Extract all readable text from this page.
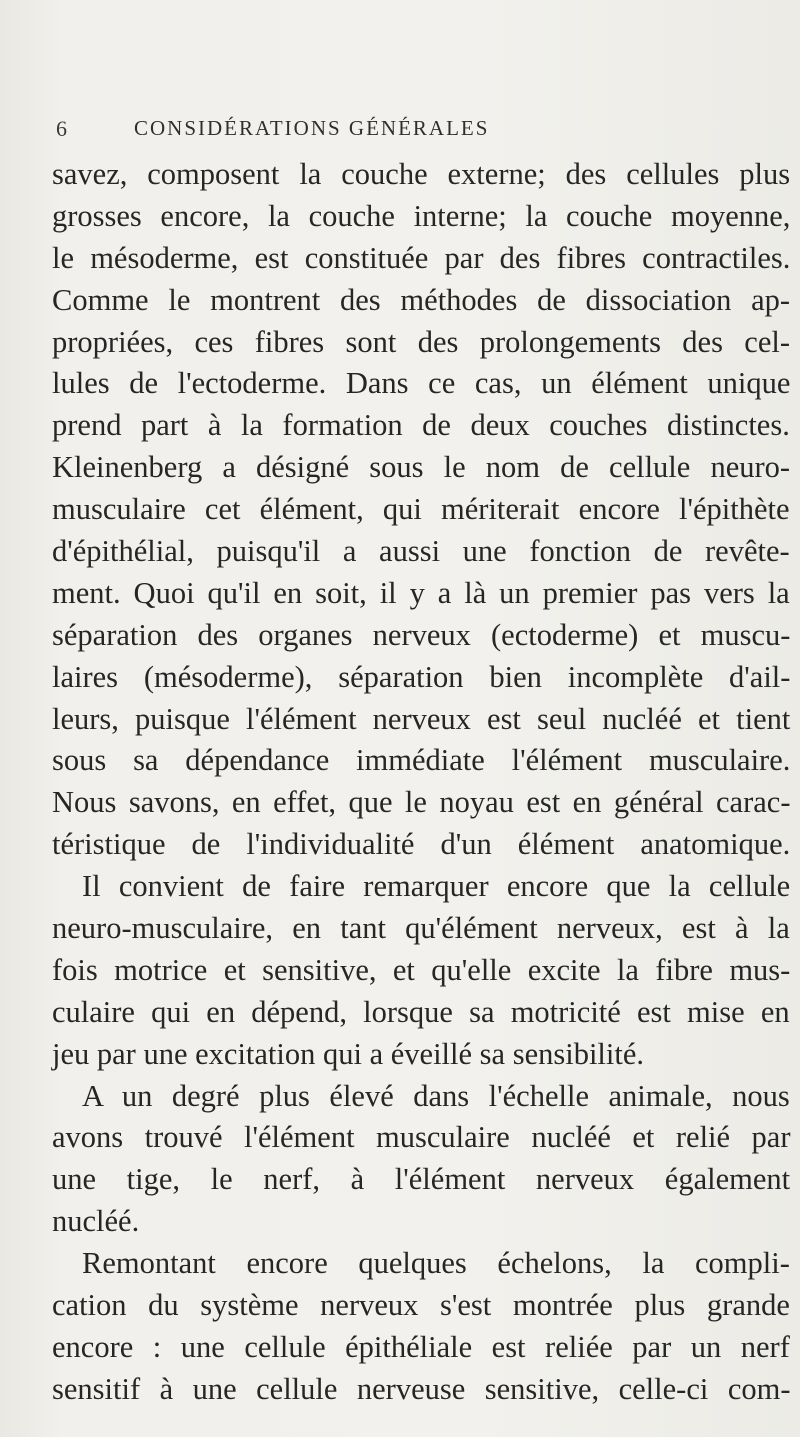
6	CONSIDÉRATIONS GÉNÉRALES
savez, composent la couche externe; des cellules plus
grosses encore, la couche interne; la couche moyenne,
le mésoderme, est constituée par des fibres contractiles.
Comme le montrent des méthodes de dissociation ap-
propriées, ces fibres sont des prolongements des cel-
lules de l'ectoderme. Dans ce cas, un élément unique
prend part à la formation de deux couches distinctes.
Kleinenberg a désigné sous le nom de cellule neuro-
musculaire cet élément, qui mériterait encore l'épithète
d'épithélial, puisqu'il a aussi une fonction de revête-
ment. Quoi qu'il en soit, il y a là un premier pas vers la
séparation des organes nerveux (ectoderme) et muscu-
laires (mésoderme), séparation bien incomplète d'ail-
leurs, puisque l'élément nerveux est seul nucléé et tient
sous sa dépendance immédiate l'élément musculaire.
Nous savons, en effet, que le noyau est en général carac-
téristique de l'individualité d'un élément anatomique.
Il convient de faire remarquer encore que la cellule
neuro-musculaire, en tant qu'élément nerveux, est à la
fois motrice et sensitive, et qu'elle excite la fibre mus-
culaire qui en dépend, lorsque sa motricité est mise en
jeu par une excitation qui a éveillé sa sensibilité.
A un degré plus élevé dans l'échelle animale, nous
avons trouvé l'élément musculaire nucléé et relié par
une tige, le nerf, à l'élément nerveux également
nucléé.
Remontant encore quelques échelons, la compli-
cation du système nerveux s'est montrée plus grande
encore : une cellule épithéliale est reliée par un nerf
sensitif à une cellule nerveuse sensitive, celle-ci com-
